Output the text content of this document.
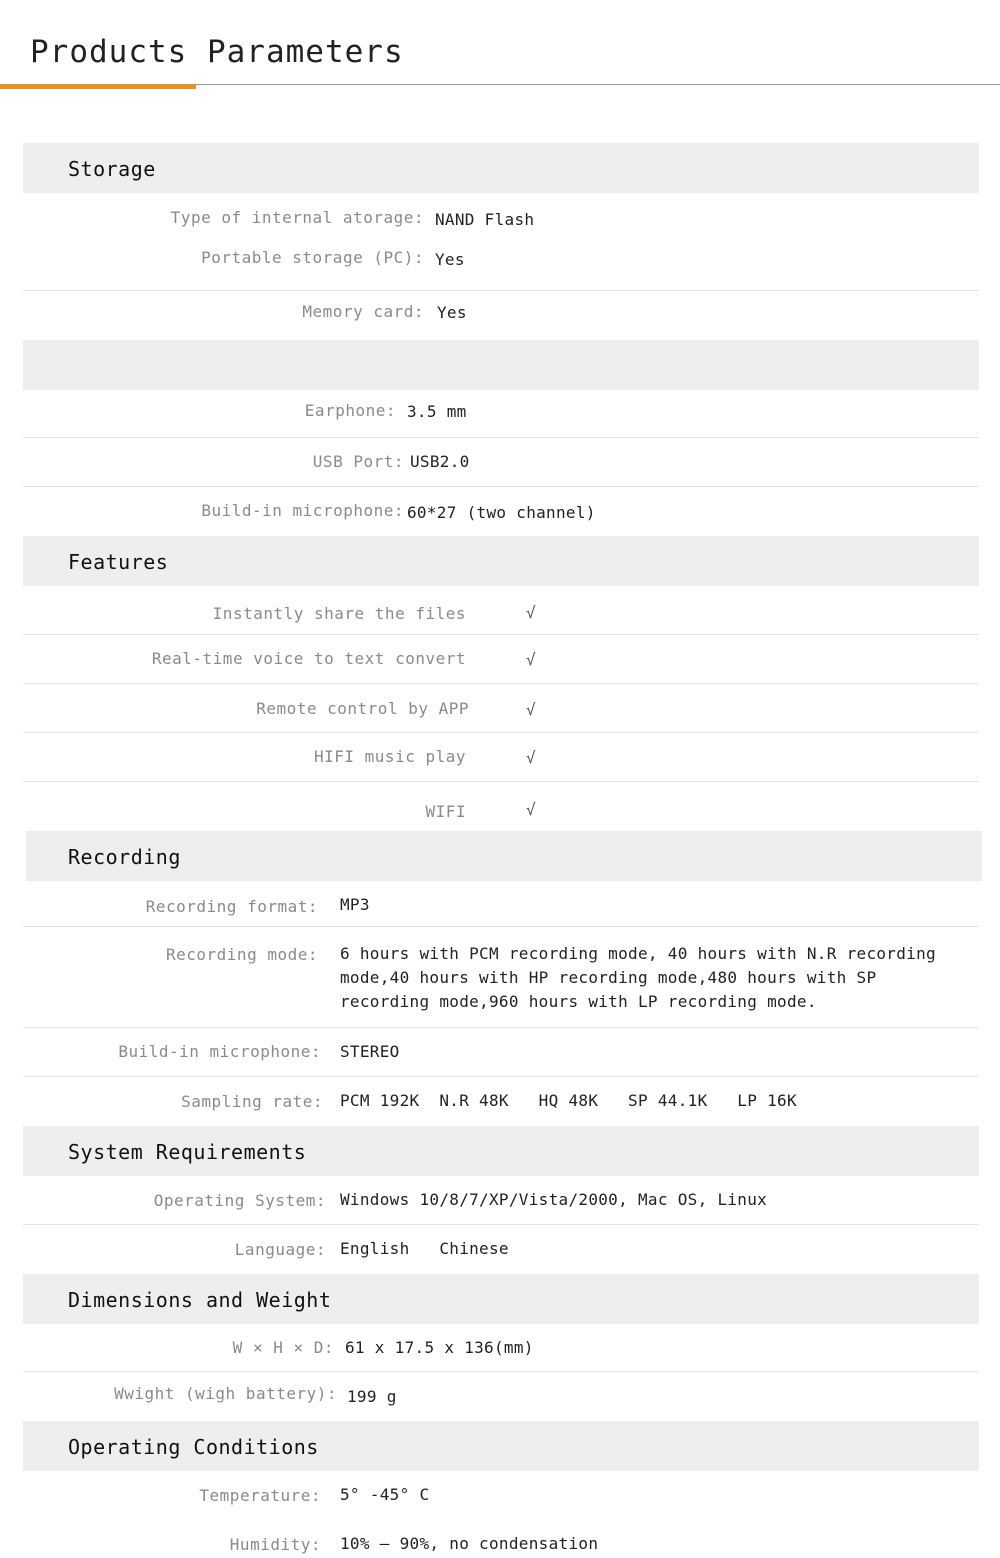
Products Parameters
Storage
Type of internal atorage: NAND Flash
Portable storage (PC): Yes
Memory card: Yes
Earphone: 3.5 mm
USB Port: USB2.0
Build-in microphone: 60*27 (two channel)
Features
Instantly share the files	√
Real-time voice to text convert	√
Remote control by APP	√
HIFI music play	√
WIFI	√
Recording
Recording format: MP3
Recording mode: 6 hours with PCM recording mode, 40 hours with N.R recording mode,40 hours with HP recording mode,480 hours with SP recording mode,960 hours with LP recording mode.
Build-in microphone: STEREO
Sampling rate: PCM 192K  N.R 48K   HQ 48K   SP 44.1K   LP 16K
System Requirements
Operating System: Windows 10/8/7/XP/Vista/2000, Mac OS, Linux
Language: English   Chinese
Dimensions and Weight
W × H × D: 61 x 17.5 x 136(mm)
Wwight (wigh battery): 199 g
Operating Conditions
Temperature: 5° -45° C
Humidity: 10% — 90%, no condensation
